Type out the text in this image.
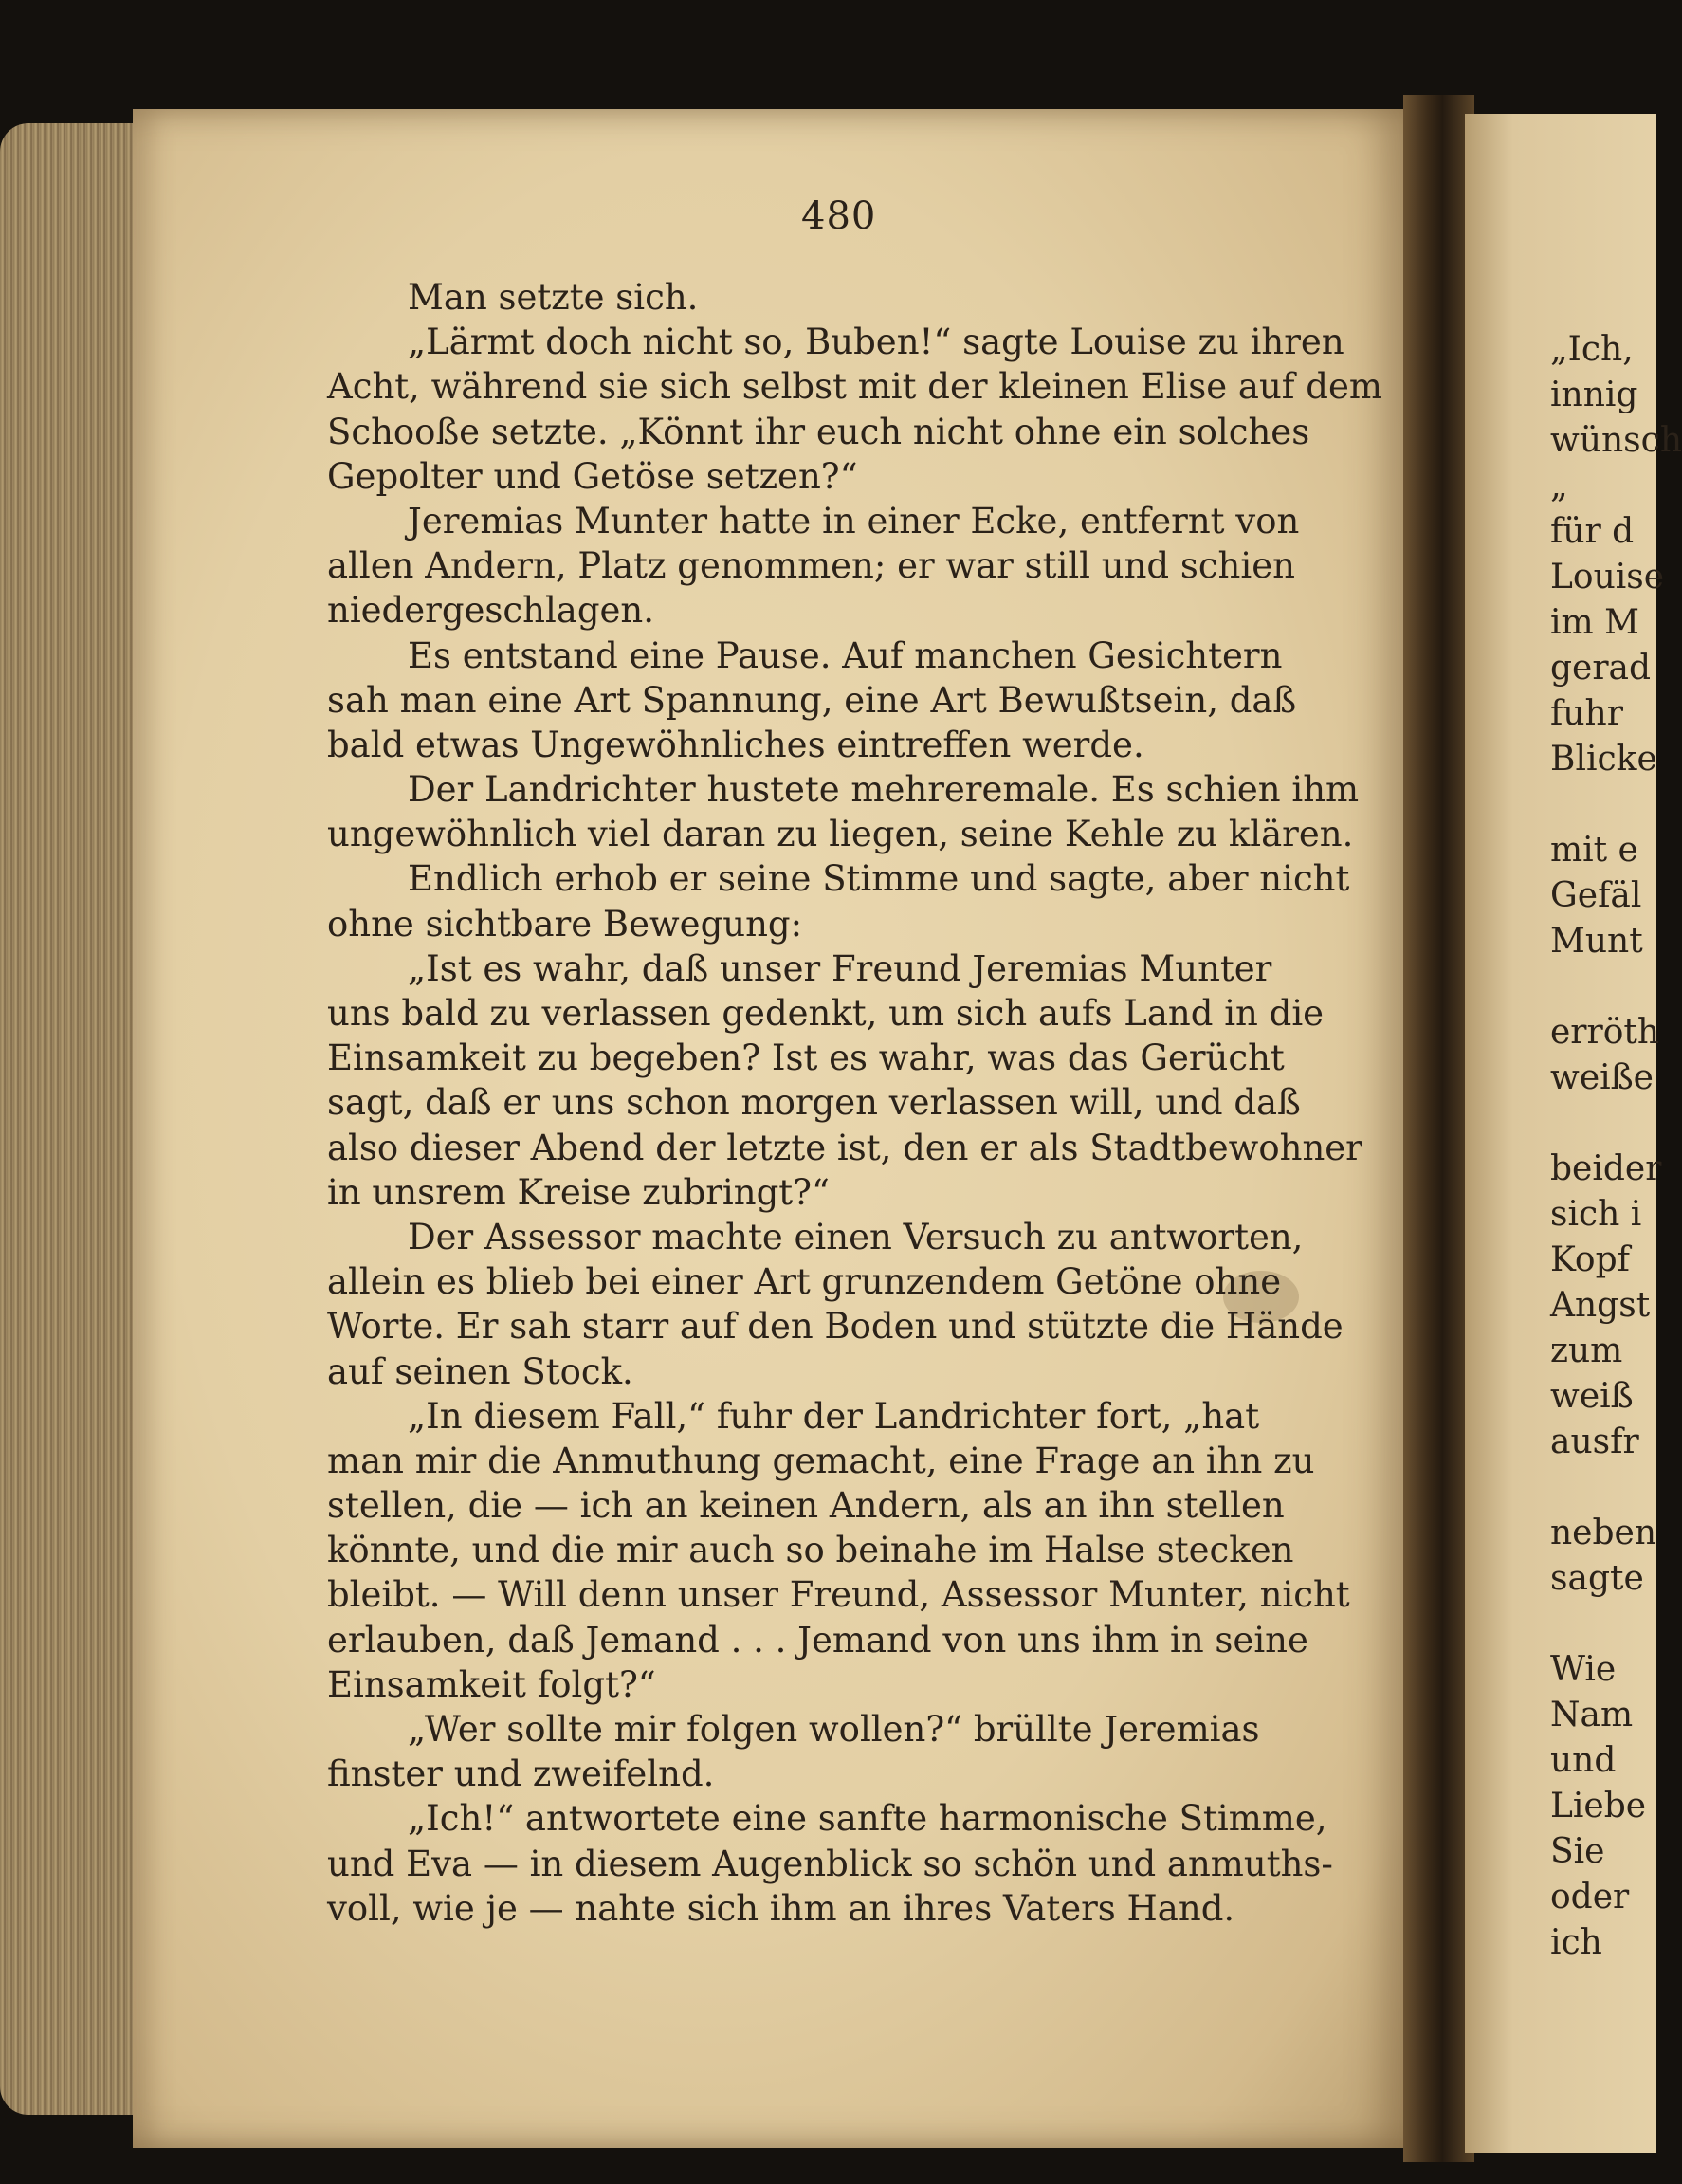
480
Man setzte sich.
„Lärmt doch nicht so, Buben!“ sagte Louise zu ihren
Acht, während sie sich selbst mit der kleinen Elise auf dem
Schooße setzte. „Könnt ihr euch nicht ohne ein solches
Gepolter und Getöse setzen?“
Jeremias Munter hatte in einer Ecke, entfernt von
allen Andern, Platz genommen; er war still und schien
niedergeschlagen.
Es entstand eine Pause. Auf manchen Gesichtern
sah man eine Art Spannung, eine Art Bewußtsein, daß
bald etwas Ungewöhnliches eintreffen werde.
Der Landrichter hustete mehreremale. Es schien ihm
ungewöhnlich viel daran zu liegen, seine Kehle zu klären.
Endlich erhob er seine Stimme und sagte, aber nicht
ohne sichtbare Bewegung:
„Ist es wahr, daß unser Freund Jeremias Munter
uns bald zu verlassen gedenkt, um sich aufs Land in die
Einsamkeit zu begeben? Ist es wahr, was das Gerücht
sagt, daß er uns schon morgen verlassen will, und daß
also dieser Abend der letzte ist, den er als Stadtbewohner
in unsrem Kreise zubringt?“
Der Assessor machte einen Versuch zu antworten,
allein es blieb bei einer Art grunzendem Getöne ohne
Worte. Er sah starr auf den Boden und stützte die Hände
auf seinen Stock.
„In diesem Fall,“ fuhr der Landrichter fort, „hat
man mir die Anmuthung gemacht, eine Frage an ihn zu
stellen, die — ich an keinen Andern, als an ihn stellen
könnte, und die mir auch so beinahe im Halse stecken
bleibt. — Will denn unser Freund, Assessor Munter, nicht
erlauben, daß Jemand . . . Jemand von uns ihm in seine
Einsamkeit folgt?“
„Wer sollte mir folgen wollen?“ brüllte Jeremias
finster und zweifelnd.
„Ich!“ antwortete eine sanfte harmonische Stimme,
und Eva — in diesem Augenblick so schön und anmuths-
voll, wie je — nahte sich ihm an ihres Vaters Hand.
„Ich,
innig
wünsch
„
für d
Louise
im M
gerad
fuhr
Blicke
mit e
Gefäl
Munt
erröth
weiße
beider
sich i
Kopf
Angst
zum
weiß
ausfr
neben
sagte
Wie
Nam
und
Liebe
Sie
oder
ich
